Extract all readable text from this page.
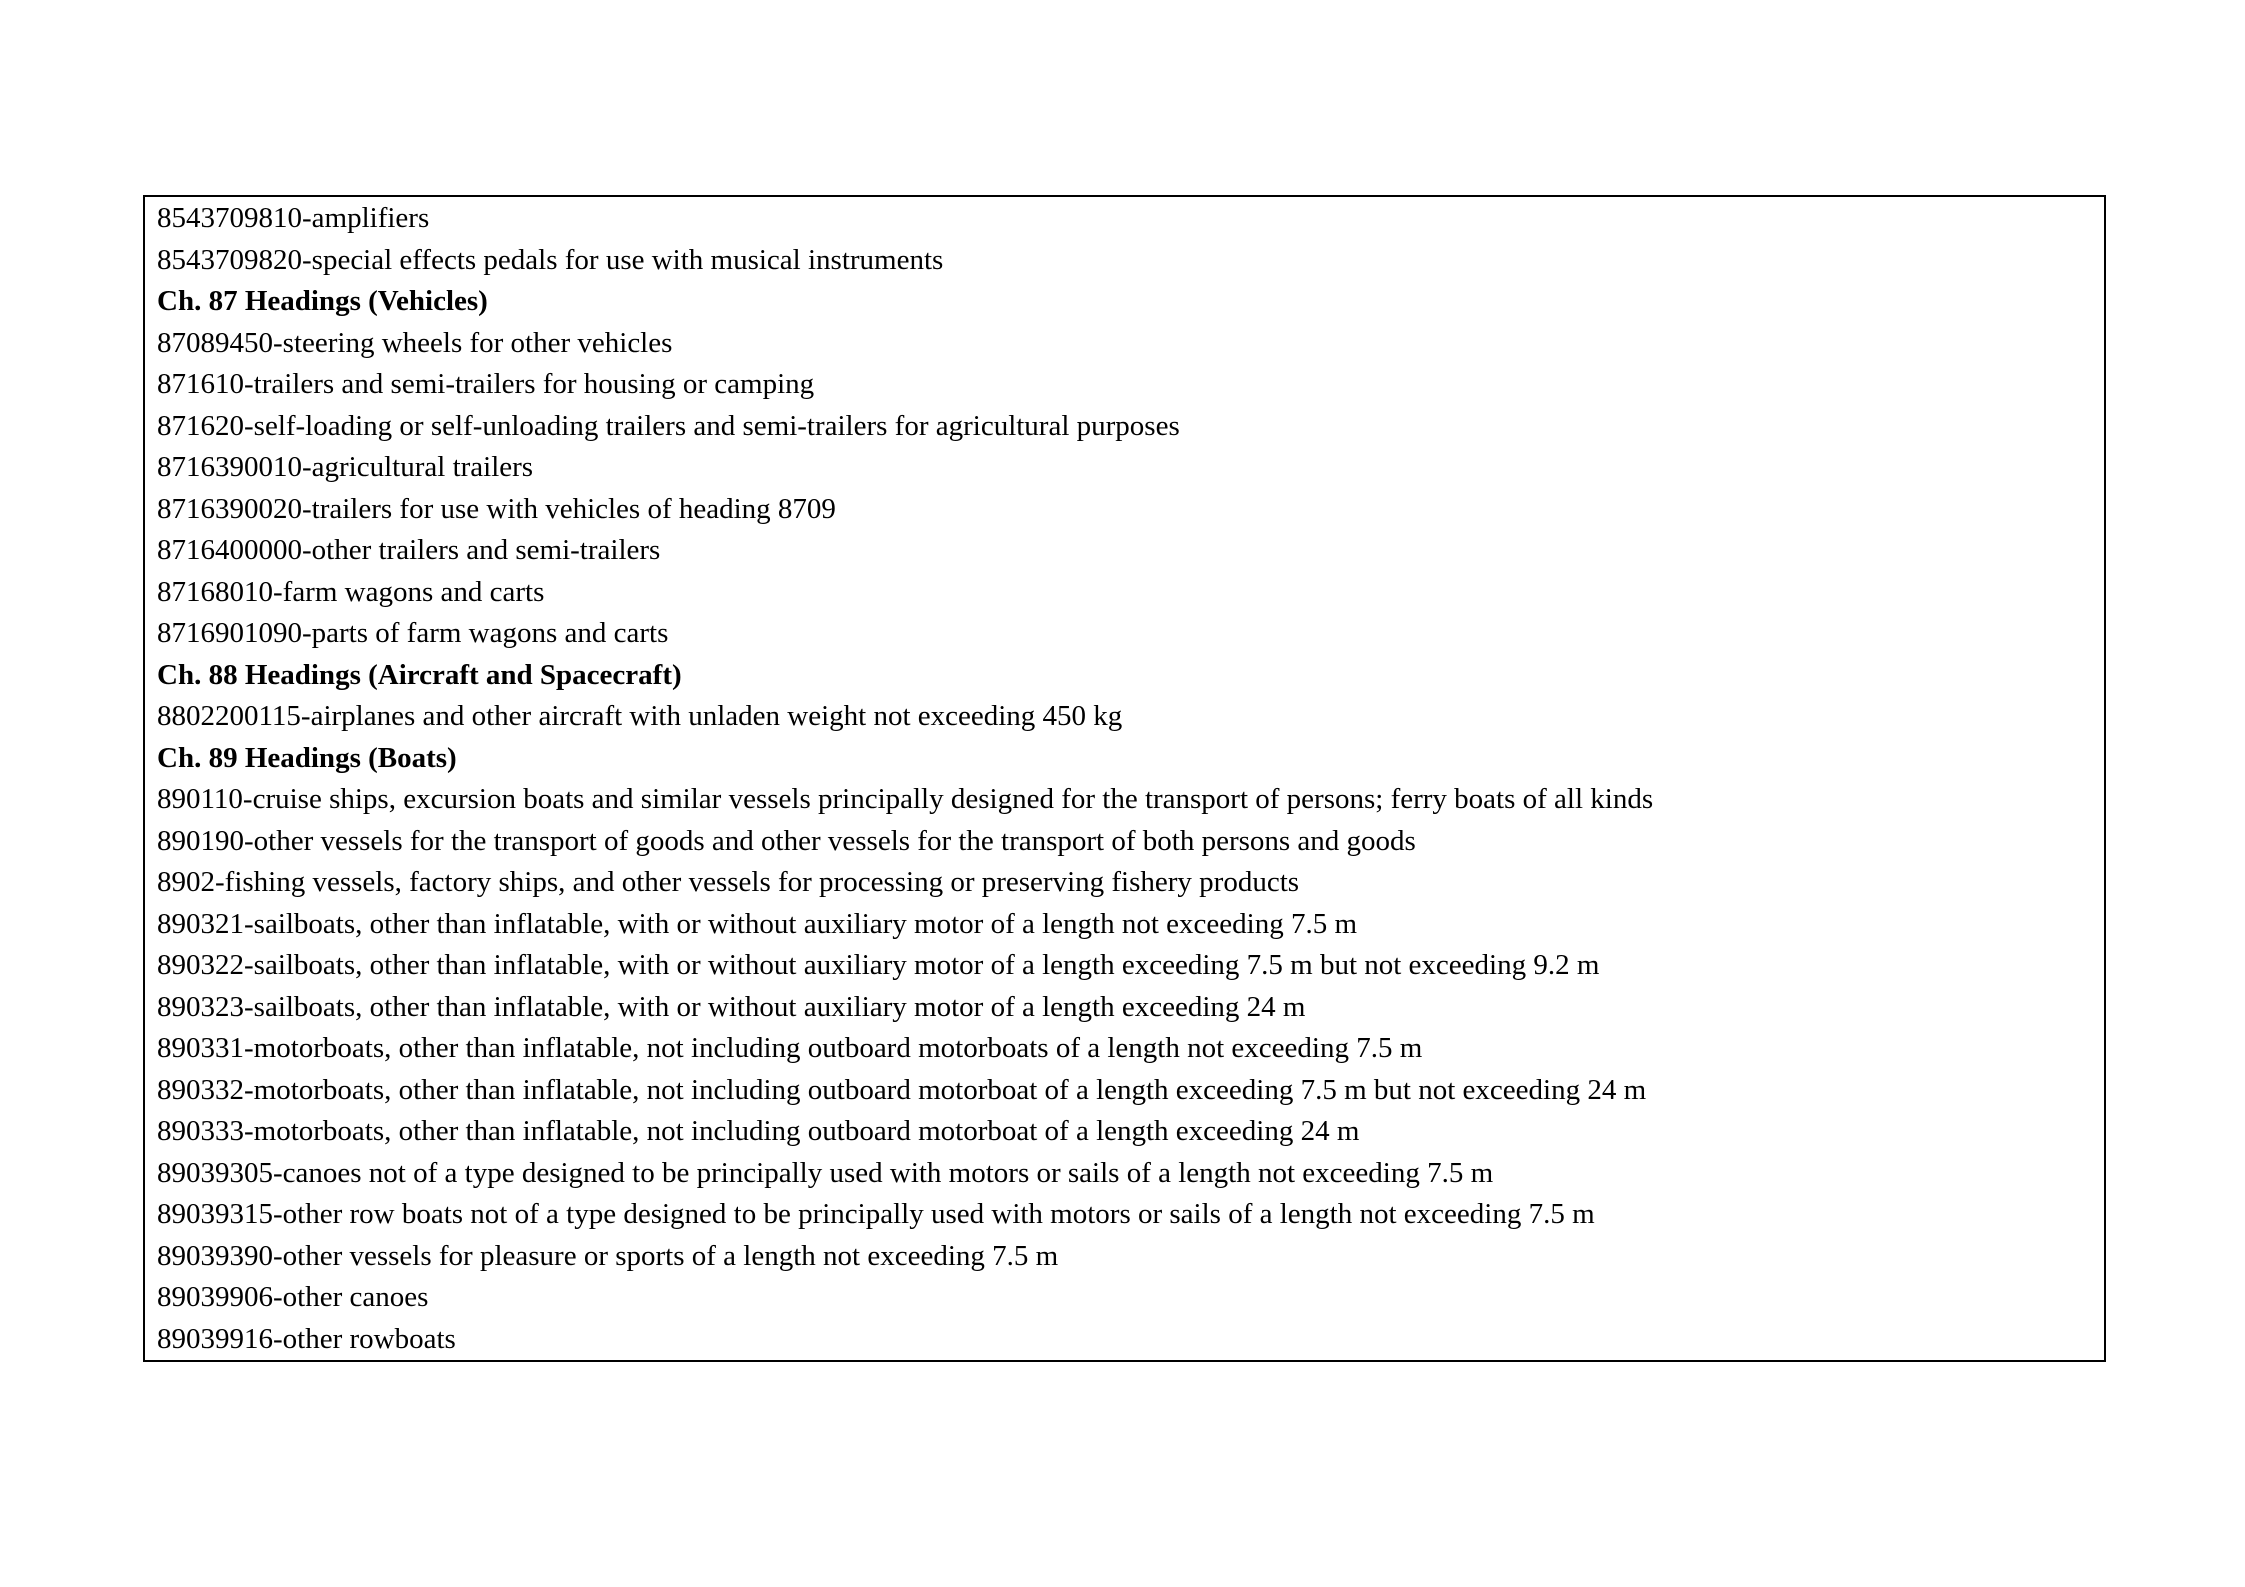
8543709810-amplifiers
8543709820-special effects pedals for use with musical instruments
Ch. 87 Headings (Vehicles)
87089450-steering wheels for other vehicles
871610-trailers and semi-trailers for housing or camping
871620-self-loading or self-unloading trailers and semi-trailers for agricultural purposes
8716390010-agricultural trailers
8716390020-trailers for use with vehicles of heading 8709
8716400000-other trailers and semi-trailers
87168010-farm wagons and carts
8716901090-parts of farm wagons and carts
Ch. 88 Headings (Aircraft and Spacecraft)
8802200115-airplanes and other aircraft with unladen weight not exceeding 450 kg
Ch. 89 Headings (Boats)
890110-cruise ships, excursion boats and similar vessels principally designed for the transport of persons; ferry boats of all kinds
890190-other vessels for the transport of goods and other vessels for the transport of both persons and goods
8902-fishing vessels, factory ships, and other vessels for processing or preserving fishery products
890321-sailboats, other than inflatable, with or without auxiliary motor of a length not exceeding 7.5 m
890322-sailboats, other than inflatable, with or without auxiliary motor of a length exceeding 7.5 m but not exceeding 9.2 m
890323-sailboats, other than inflatable, with or without auxiliary motor of a length exceeding 24 m
890331-motorboats, other than inflatable, not including outboard motorboats of a length not exceeding 7.5 m
890332-motorboats, other than inflatable, not including outboard motorboat of a length exceeding 7.5 m but not exceeding 24 m
890333-motorboats, other than inflatable, not including outboard motorboat of a length exceeding 24 m
89039305-canoes not of a type designed to be principally used with motors or sails of a length not exceeding 7.5 m
89039315-other row boats not of a type designed to be principally used with motors or sails of a length not exceeding 7.5 m
89039390-other vessels for pleasure or sports of a length not exceeding 7.5 m
89039906-other canoes
89039916-other rowboats
